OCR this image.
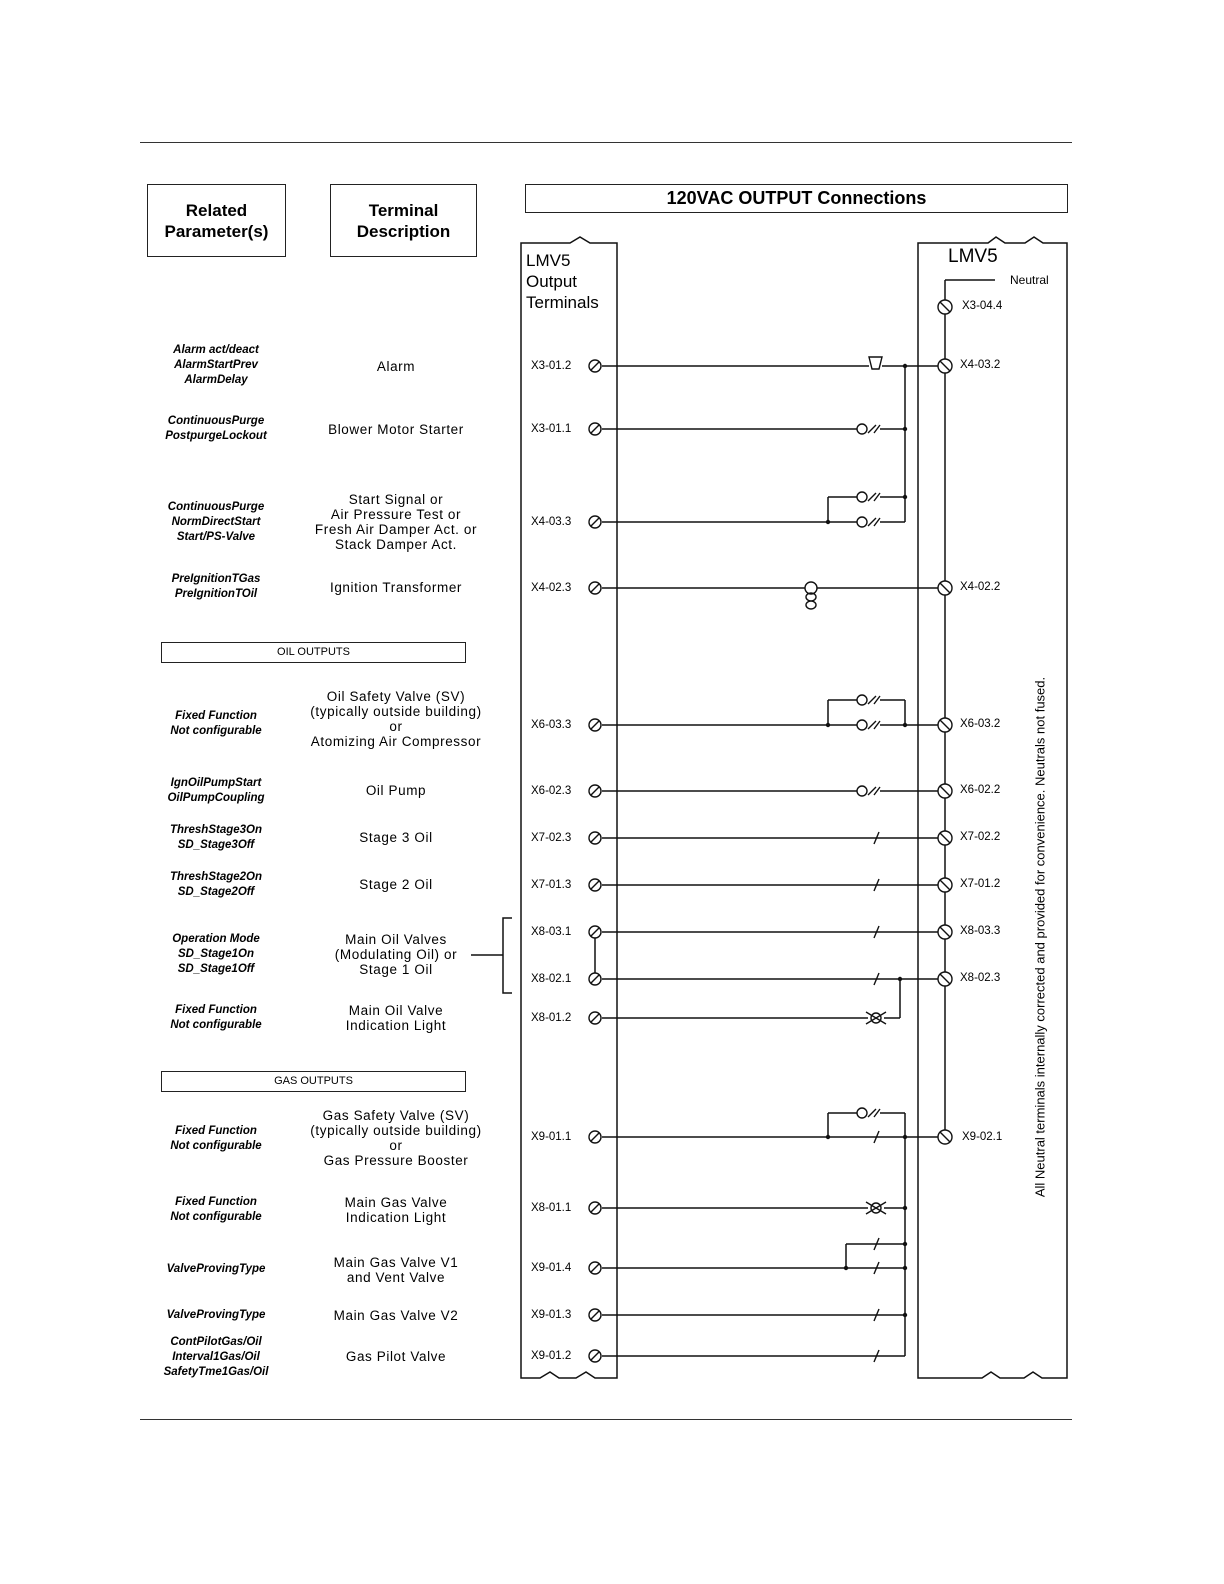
Related
Parameter(s)
Terminal
Description
120VAC OUTPUT Connections
OIL OUTPUTS
GAS OUTPUTS
Alarm act/deact
AlarmStartPrev
AlarmDelay
ContinuousPurge
PostpurgeLockout
ContinuousPurge
NormDirectStart
Start/PS-Valve
PreIgnitionTGas
PreIgnitionTOil
Fixed Function
Not configurable
IgnOilPumpStart
OilPumpCoupling
ThreshStage3On
SD_Stage3Off
ThreshStage2On
SD_Stage2Off
Operation Mode
SD_Stage1On
SD_Stage1Off
Fixed Function
Not configurable
Fixed Function
Not configurable
Fixed Function
Not configurable
ValveProvingType
ValveProvingType
ContPilotGas/Oil
Interval1Gas/Oil
SafetyTme1Gas/Oil
Alarm
Blower Motor Starter
Start Signal or
Air Pressure Test or
Fresh Air Damper Act. or
Stack Damper Act.
Ignition Transformer
Oil Safety Valve (SV)
(typically outside building)
or
Atomizing Air Compressor
Oil Pump
Stage 3 Oil
Stage 2 Oil
Main Oil Valves
(Modulating Oil) or
Stage 1 Oil
Main Oil Valve
Indication Light
Gas Safety Valve (SV)
(typically outside building)
or
Gas Pressure Booster
Main Gas Valve
Indication Light
Main Gas Valve V1
and Vent Valve
Main Gas Valve V2
Gas Pilot Valve
LMV5
Output
Terminals
LMV5
Neutral
All Neutral terminals internally corrected and provided for convenience. Neutrals not fused.
X3-01.2
X3-01.1
X4-03.3
X4-02.3
X6-03.3
X6-02.3
X7-02.3
X7-01.3
X8-03.1
X8-02.1
X8-01.2
X9-01.1
X8-01.1
X9-01.4
X9-01.3
X9-01.2
X3-04.4
X4-03.2
X4-02.2
X6-03.2
X6-02.2
X7-02.2
X7-01.2
X8-03.3
X8-02.3
X9-02.1
